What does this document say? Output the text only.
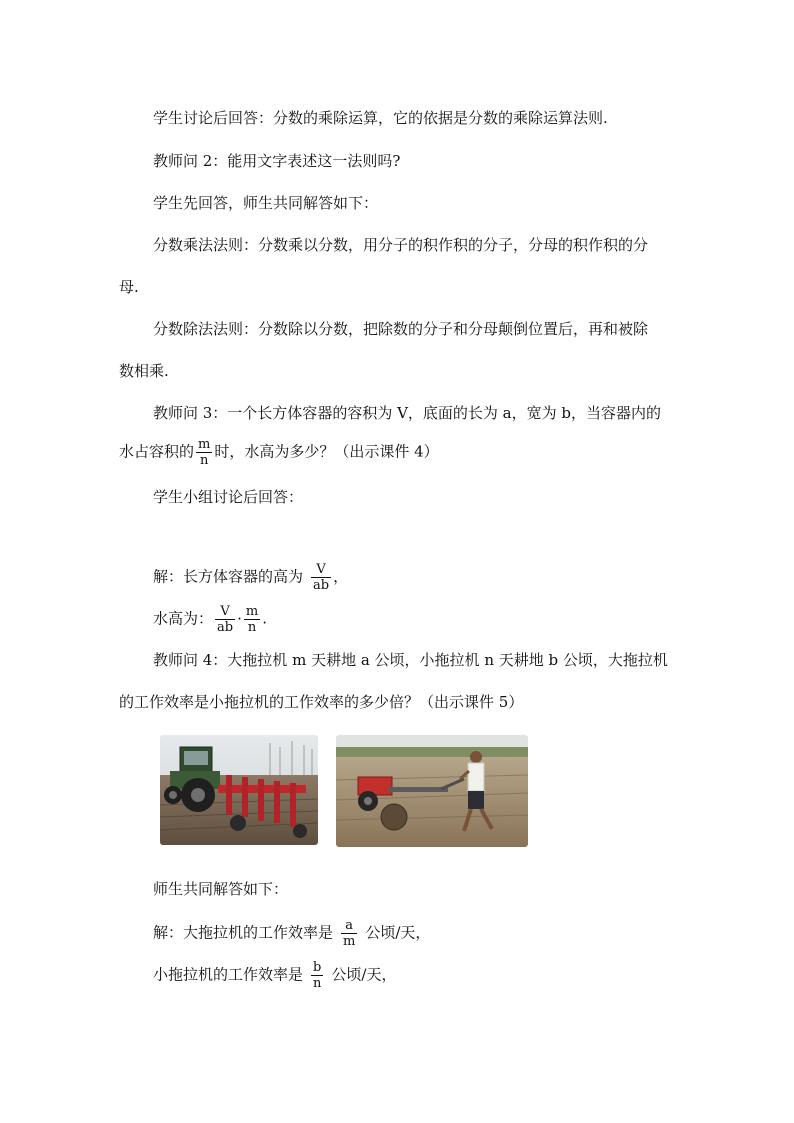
学生讨论后回答：分数的乘除运算，它的依据是分数的乘除运算法则.
教师问 2：能用文字表述这一法则吗?
学生先回答，师生共同解答如下：
分数乘法法则：分数乘以分数，用分子的积作积的分子，分母的积作积的分
母.
分数除法法则：分数除以分数，把除数的分子和分母颠倒位置后，再和被除
数相乘.
教师问 3：一个长方体容器的容积为 V，底面的长为 a，宽为 b，当容器内的
水占容积的 $\frac{m}{n}$ 时，水高为多少？（出示课件 4）
学生小组讨论后回答：
解：长方体容器的高为 $\frac{V}{ab}$ ，
水高为： $\frac{V}{ab} \cdot \frac{m}{n}$ .
教师问 4：大拖拉机 m 天耕地 a 公顷，小拖拉机 n 天耕地 b 公顷，大拖拉机
的工作效率是小拖拉机的工作效率的多少倍？（出示课件 5）
师生共同解答如下：
解：大拖拉机的工作效率是 $\frac{a}{m}$ 公顷/天，
小拖拉机的工作效率是 $\frac{b}{n}$ 公顷/天，
